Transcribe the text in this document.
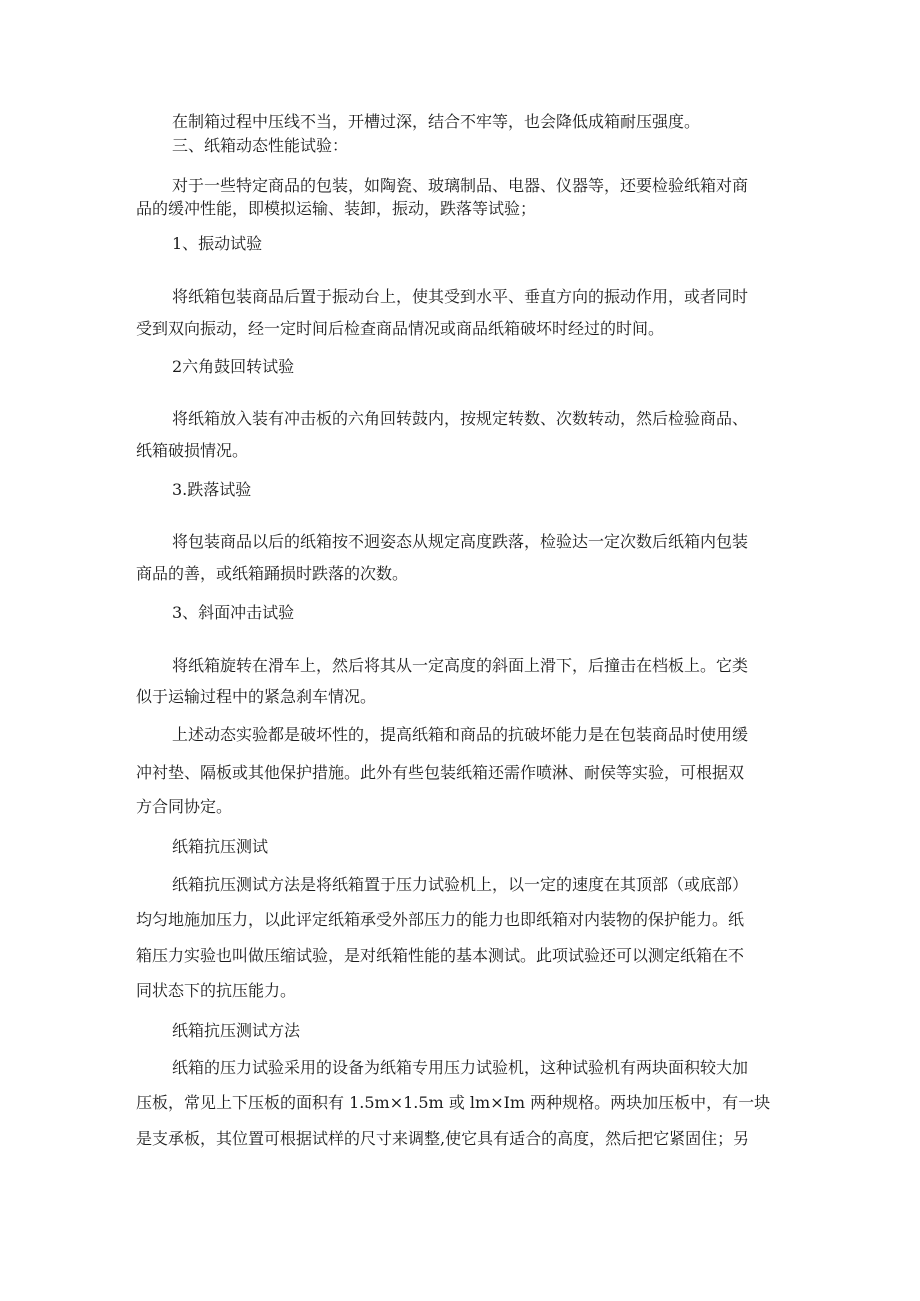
在制箱过程中压线不当，开槽过深，结合不牢等，也会降低成箱耐压强度。
三、纸箱动态性能试验：
对于一些特定商品的包装，如陶瓷、玻璃制品、电器、仪器等，还要检验纸箱对商
品的缓冲性能，即模拟运输、装卸，振动，跌落等试验；
1、振动试验
将纸箱包装商品后置于振动台上，使其受到水平、垂直方向的振动作用，或者同时
受到双向振动，经一定时间后检查商品情况或商品纸箱破坏时经过的时间。
2六角鼓回转试验
将纸箱放入装有冲击板的六角回转鼓内，按规定转数、次数转动，然后检验商品、
纸箱破损情况。
3.跌落试验
将包装商品以后的纸箱按不迥姿态从规定高度跌落，检验达一定次数后纸箱内包装
商品的善，或纸箱踊损时跌落的次数。
3、斜面冲击试验
将纸箱旋转在滑车上，然后将其从一定高度的斜面上滑下，后撞击在档板上。它类
似于运输过程中的紧急刹车情况。
上述动态实验都是破坏性的，提高纸箱和商品的抗破坏能力是在包装商品时使用缓
冲衬垫、隔板或其他保护措施。此外有些包装纸箱还需作喷淋、耐侯等实验，可根据双
方合同协定。
纸箱抗压测试
纸箱抗压测试方法是将纸箱置于压力试验机上，以一定的速度在其顶部（或底部）
均匀地施加压力，以此评定纸箱承受外部压力的能力也即纸箱对内装物的保护能力。纸
箱压力实验也叫做压缩试验，是对纸箱性能的基本测试。此项试验还可以测定纸箱在不
同状态下的抗压能力。
纸箱抗压测试方法
纸箱的压力试验采用的设备为纸箱专用压力试验机，这种试验机有两块面积较大加
压板，常见上下压板的面积有 1.5m×1.5m 或 lm×Im 两种规格。两块加压板中，有一块
是支承板，其位置可根据试样的尺寸来调整,使它具有适合的高度，然后把它紧固住；另
